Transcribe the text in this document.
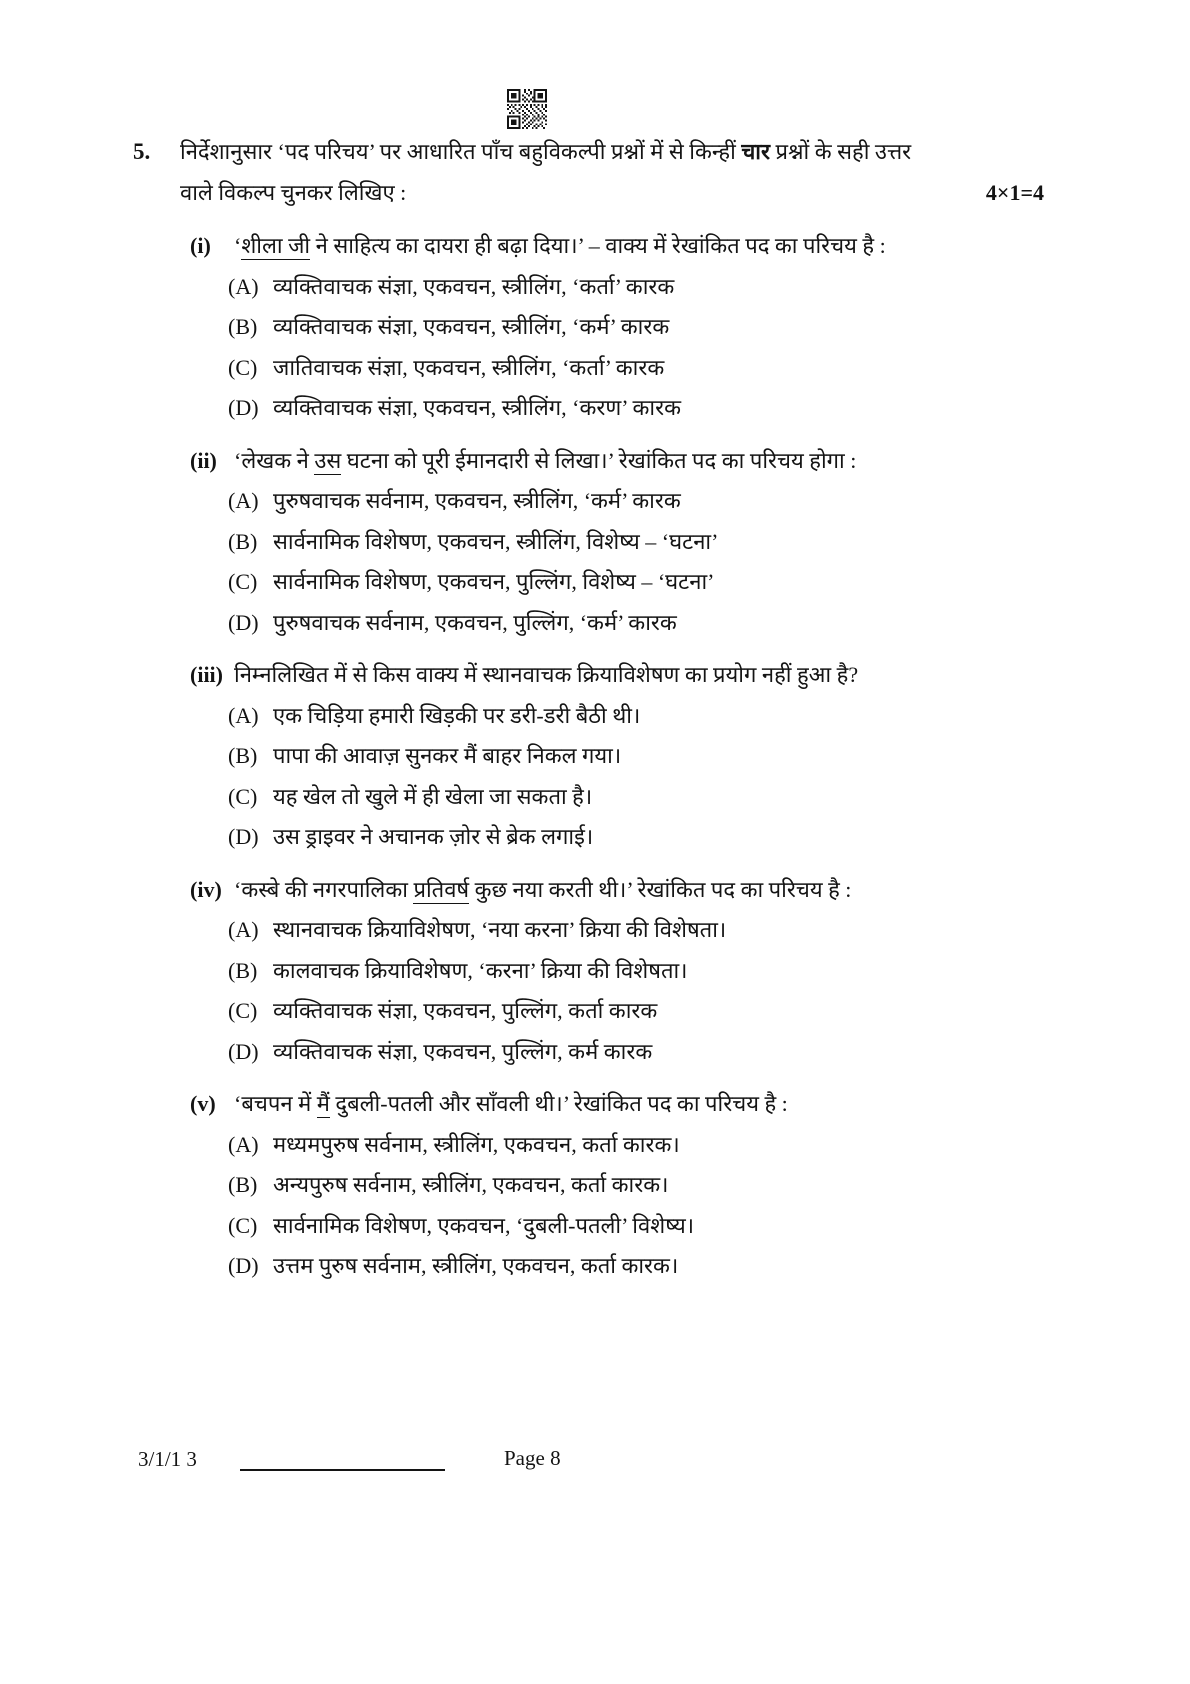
5.	निर्देशानुसार ‘पद परिचय’ पर आधारित पाँच बहुविकल्पी प्रश्नों में से किन्हीं चार प्रश्नों के सही उत्तर
वाले विकल्प चुनकर लिखिए :	4×1=4
(i)	‘शीला जी ने साहित्य का दायरा ही बढ़ा दिया।’ – वाक्य में रेखांकित पद का परिचय है :
(A) व्यक्तिवाचक संज्ञा, एकवचन, स्त्रीलिंग, ‘कर्ता’ कारक
(B) व्यक्तिवाचक संज्ञा, एकवचन, स्त्रीलिंग, ‘कर्म’ कारक
(C) जातिवाचक संज्ञा, एकवचन, स्त्रीलिंग, ‘कर्ता’ कारक
(D) व्यक्तिवाचक संज्ञा, एकवचन, स्त्रीलिंग, ‘करण’ कारक
(ii) ‘लेखक ने उस घटना को पूरी ईमानदारी से लिखा।’ रेखांकित पद का परिचय होगा :
(A) पुरुषवाचक सर्वनाम, एकवचन, स्त्रीलिंग, ‘कर्म’ कारक
(B) सार्वनामिक विशेषण, एकवचन, स्त्रीलिंग, विशेष्य – ‘घटना’
(C) सार्वनामिक विशेषण, एकवचन, पुल्लिंग, विशेष्य – ‘घटना’
(D) पुरुषवाचक सर्वनाम, एकवचन, पुल्लिंग, ‘कर्म’ कारक
(iii) निम्नलिखित में से किस वाक्य में स्थानवाचक क्रियाविशेषण का प्रयोग नहीं हुआ है?
(A) एक चिड़िया हमारी खिड़की पर डरी-डरी बैठी थी।
(B) पापा की आवाज़ सुनकर मैं बाहर निकल गया।
(C) यह खेल तो खुले में ही खेला जा सकता है।
(D) उस ड्राइवर ने अचानक ज़ोर से ब्रेक लगाई।
(iv) ‘कस्बे की नगरपालिका प्रतिवर्ष कुछ नया करती थी।’ रेखांकित पद का परिचय है :
(A) स्थानवाचक क्रियाविशेषण, ‘नया करना’ क्रिया की विशेषता।
(B) कालवाचक क्रियाविशेषण, ‘करना’ क्रिया की विशेषता।
(C) व्यक्तिवाचक संज्ञा, एकवचन, पुल्लिंग, कर्ता कारक
(D) व्यक्तिवाचक संज्ञा, एकवचन, पुल्लिंग, कर्म कारक
(v) ‘बचपन में मैं दुबली-पतली और साँवली थी।’ रेखांकित पद का परिचय है :
(A) मध्यमपुरुष सर्वनाम, स्त्रीलिंग, एकवचन, कर्ता कारक।
(B) अन्यपुरुष सर्वनाम, स्त्रीलिंग, एकवचन, कर्ता कारक।
(C) सार्वनामिक विशेषण, एकवचन, ‘दुबली-पतली’ विशेष्य।
(D) उत्तम पुरुष सर्वनाम, स्त्रीलिंग, एकवचन, कर्ता कारक।
3/1/1 3	Page 8
